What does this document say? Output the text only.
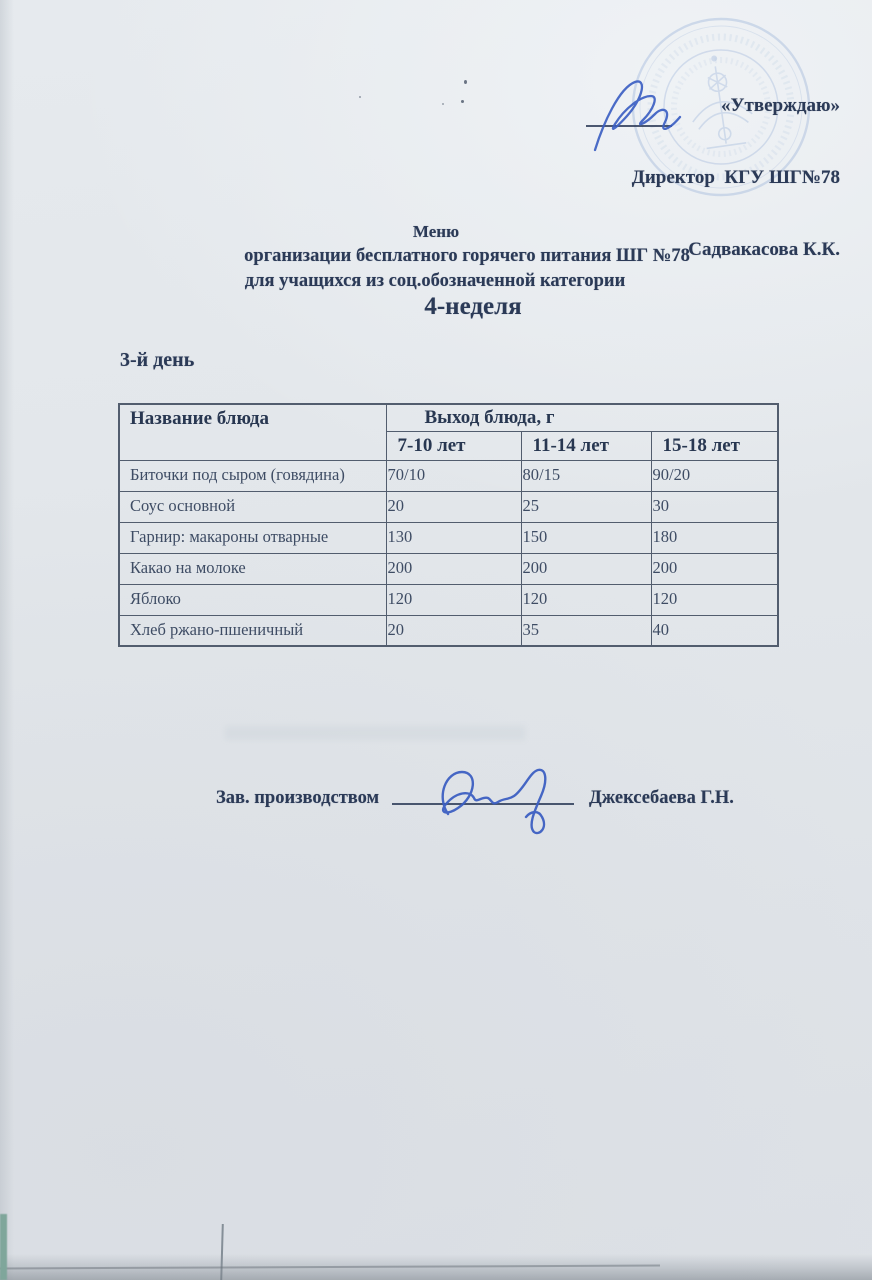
«Утверждаю»

Директор  КГУ ШГ№78

Садвакасова К.К.

Меню
организации бесплатного горячего питания ШГ №78
для учащихся из соц.обозначенной категории
4-неделя
3-й день
Название блюда	Выход блюда, г		
	7-10 лет	11-14 лет	15-18 лет
Биточки под сыром (говядина)	70/10	80/15	90/20
Соус основной	20	25	30
Гарнир: макароны отварные	130	150	180
Какао на молоке	200	200	200
Яблоко	120	120	120
Хлеб ржано-пшеничный	20	35	40
Зав. производством	Джексебаева Г.Н.
